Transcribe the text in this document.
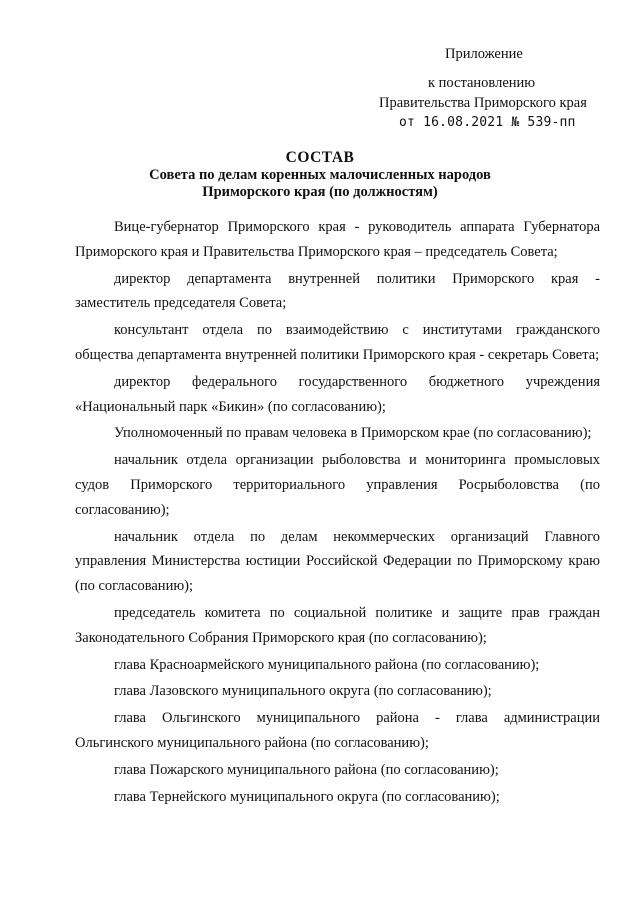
Приложение
к постановлению
Правительства Приморского края
от 16.08.2021 № 539-пп
СОСТАВ
Совета по делам коренных малочисленных народов
Приморского края (по должностям)

Вице-губернатор Приморского края - руководитель аппарата Губернатора Приморского края и Правительства Приморского края – председатель Совета;

директор департамента внутренней политики Приморского края - заместитель председателя Совета;

консультант отдела по взаимодействию с институтами гражданского общества департамента внутренней политики Приморского края - секретарь Совета;

директор федерального государственного бюджетного учреждения «Национальный парк «Бикин» (по согласованию);

Уполномоченный по правам человека в Приморском крае (по согласованию);

начальник отдела организации рыболовства и мониторинга промысловых судов Приморского территориального управления Росрыболовства (по согласованию);

начальник отдела по делам некоммерческих организаций Главного управления Министерства юстиции Российской Федерации по Приморскому краю (по согласованию);

председатель комитета по социальной политике и защите прав граждан Законодательного Собрания Приморского края (по согласованию);

глава Красноармейского муниципального района (по согласованию);

глава Лазовского муниципального округа (по согласованию);

глава Ольгинского муниципального района - глава администрации Ольгинского муниципального района (по согласованию);

глава Пожарского муниципального района (по согласованию);

глава Тернейского муниципального округа (по согласованию);
